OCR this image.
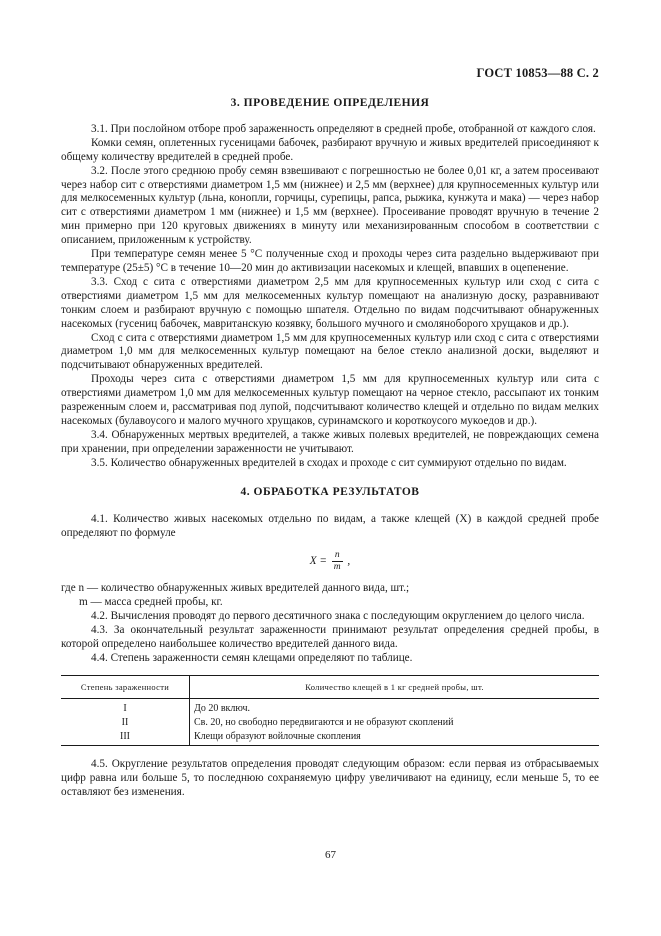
ГОСТ 10853—88 С. 2
3. ПРОВЕДЕНИЕ ОПРЕДЕЛЕНИЯ

3.1. При послойном отборе проб зараженность определяют в средней пробе, отобранной от каждого слоя.

Комки семян, оплетенных гусеницами бабочек, разбирают вручную и живых вредителей присоединяют к общему количеству вредителей в средней пробе.

3.2. После этого среднюю пробу семян взвешивают с погрешностью не более 0,01 кг, а затем просеивают через набор сит с отверстиями диаметром 1,5 мм (нижнее) и 2,5 мм (верхнее) для крупносеменных культур или для мелкосеменных культур (льна, конопли, горчицы, сурепицы, рапса, рыжика, кунжута и мака) — через набор сит с отверстиями диаметром 1 мм (нижнее) и 1,5 мм (верхнее). Просеивание проводят вручную в течение 2 мин примерно при 120 круговых движениях в минуту или механизированным способом в соответствии с описанием, приложенным к устройству.

При температуре семян менее 5 °С полученные сход и проходы через сита раздельно выдерживают при температуре (25±5) °С в течение 10—20 мин до активизации насекомых и клещей, впавших в оцепенение.

3.3. Сход с сита с отверстиями диаметром 2,5 мм для крупносеменных культур или сход с сита с отверстиями диаметром 1,5 мм для мелкосеменных культур помещают на анализную доску, разравнивают тонким слоем и разбирают вручную с помощью шпателя. Отдельно по видам подсчитывают обнаруженных насекомых (гусениц бабочек, мавританскую козявку, большого мучного и смоляноборого хрущаков и др.).

Сход с сита с отверстиями диаметром 1,5 мм для крупносеменных культур или сход с сита с отверстиями диаметром 1,0 мм для мелкосеменных культур помещают на белое стекло анализной доски, выделяют и подсчитывают обнаруженных вредителей.

Проходы через сита с отверстиями диаметром 1,5 мм для крупносеменных культур или сита с отверстиями диаметром 1,0 мм для мелкосеменных культур помещают на черное стекло, рассыпают их тонким разреженным слоем и, рассматривая под лупой, подсчитывают количество клещей и отдельно по видам мелких насекомых (булавоусого и малого мучного хрущаков, суринамского и короткоусого мукоедов и др.).

3.4. Обнаруженных мертвых вредителей, а также живых полевых вредителей, не повреждающих семена при хранении, при определении зараженности не учитывают.

3.5. Количество обнаруженных вредителей в сходах и проходе с сит суммируют отдельно по видам.

4. ОБРАБОТКА РЕЗУЛЬТАТОВ

4.1. Количество живых насекомых отдельно по видам, а также клещей (X) в каждой средней пробе определяют по формуле

$X = \frac{n}{m}$ ,

где n — количество обнаруженных живых вредителей данного вида, шт.;

m — масса средней пробы, кг.

4.2. Вычисления проводят до первого десятичного знака с последующим округлением до целого числа.

4.3. За окончательный результат зараженности принимают результат определения средней пробы, в которой определено наибольшее количество вредителей данного вида.

4.4. Степень зараженности семян клещами определяют по таблице.

Степень зараженности	Количество клещей в 1 кг средней пробы, шт.
I	До 20 включ.
II	Св. 20, но свободно передвигаются и не образуют скоплений
III	Клещи образуют войлочные скопления

4.5. Округление результатов определения проводят следующим образом: если первая из отбрасываемых цифр равна или больше 5, то последнюю сохраняемую цифру увеличивают на единицу, если меньше 5, то ее оставляют без изменения.

67
